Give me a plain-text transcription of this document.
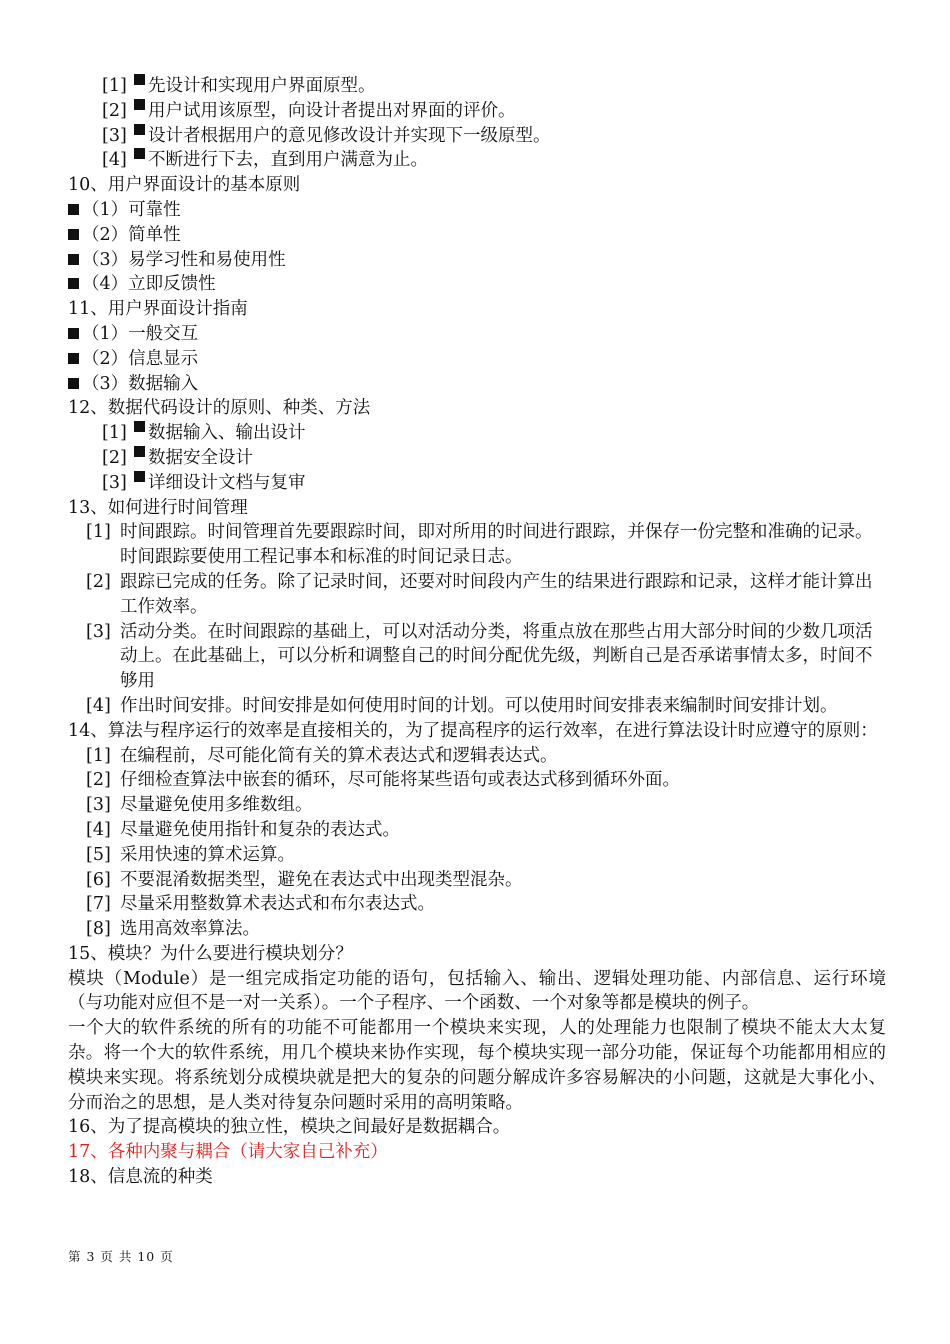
[1] 先设计和实现用户界面原型。
[2] 用户试用该原型，向设计者提出对界面的评价。
[3] 设计者根据用户的意见修改设计并实现下一级原型。
[4] 不断进行下去，直到用户满意为止。
10、用户界面设计的基本原则
（1）可靠性
（2）简单性
（3）易学习性和易使用性
（4）立即反馈性
11、用户界面设计指南
（1）一般交互
（2）信息显示
（3）数据输入
12、数据代码设计的原则、种类、方法
[1] 数据输入、输出设计
[2] 数据安全设计
[3] 详细设计文档与复审
13、如何进行时间管理
[1] 时间跟踪。时间管理首先要跟踪时间，即对所用的时间进行跟踪，并保存一份完整和准确的记录。时间跟踪要使用工程记事本和标准的时间记录日志。
[2] 跟踪已完成的任务。除了记录时间，还要对时间段内产生的结果进行跟踪和记录，这样才能计算出工作效率。
[3] 活动分类。在时间跟踪的基础上，可以对活动分类，将重点放在那些占用大部分时间的少数几项活动上。在此基础上，可以分析和调整自己的时间分配优先级，判断自己是否承诺事情太多，时间不够用
[4] 作出时间安排。时间安排是如何使用时间的计划。可以使用时间安排表来编制时间安排计划。

14、算法与程序运行的效率是直接相关的，为了提高程序的运行效率，在进行算法设计时应遵守的原则：

[1] 在编程前，尽可能化简有关的算术表达式和逻辑表达式。
[2] 仔细检查算法中嵌套的循环，尽可能将某些语句或表达式移到循环外面。
[3] 尽量避免使用多维数组。
[4] 尽量避免使用指针和复杂的表达式。
[5] 采用快速的算术运算。
[6] 不要混淆数据类型，避免在表达式中出现类型混杂。
[7] 尽量采用整数算术表达式和布尔表达式。
[8] 选用高效率算法。
15、模块？为什么要进行模块划分？

模块（Module）是一组完成指定功能的语句，包括输入、输出、逻辑处理功能、内部信息、运行环境（与功能对应但不是一对一关系）。一个子程序、一个函数、一个对象等都是模块的例子。

一个大的软件系统的所有的功能不可能都用一个模块来实现，人的处理能力也限制了模块不能太大太复杂。将一个大的软件系统，用几个模块来协作实现，每个模块实现一部分功能，保证每个功能都用相应的模块来实现。将系统划分成模块就是把大的复杂的问题分解成许多容易解决的小问题，这就是大事化小、分而治之的思想，是人类对待复杂问题时采用的高明策略。

16、为了提高模块的独立性，模块之间最好是数据耦合。
17、各种内聚与耦合（请大家自己补充）
18、信息流的种类
第 3 页 共 10 页
